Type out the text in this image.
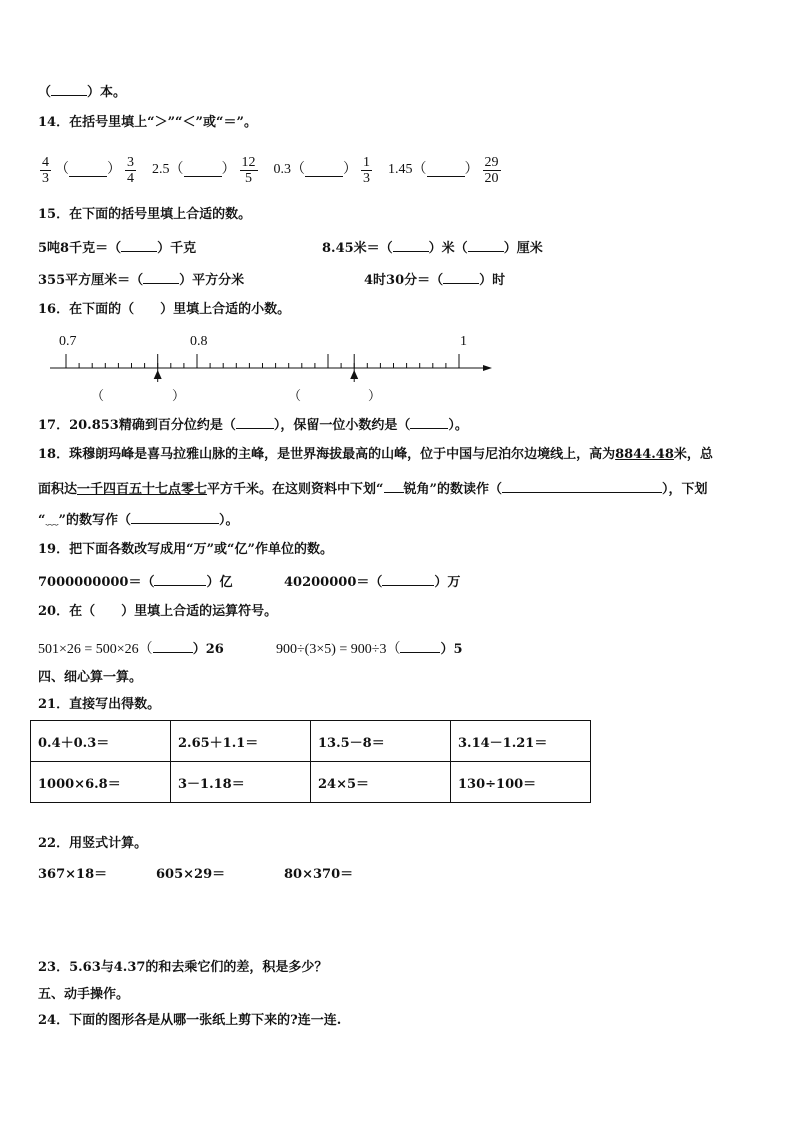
（	）本。
14．在括号里填上“＞”“＜”或“＝”。
$\frac{4}{3}$ （	） $\frac{3}{4} 2.5$ （	） $\frac{12}{5} 0.3$ （	） $\frac{1}{3} 1.45$ （	） $\frac{29}{20}$
15．在下面的括号里填上合适的数。
5吨8千克＝（	）千克	8.45米＝（	）米（	）厘米
355平方厘米＝（	）平方分米	4时30分＝（	）时
16．在下面的（　　）里填上合适的小数。
0.7	0.8	1
（	）	（	）
17．20.853精确到百分位约是（	），保留一位小数约是（	）。
18．珠穆朗玛峰是喜马拉雅山脉的主峰，是世界海拔最高的山峰，位于中国与尼泊尔边境线上，高为8844.48米，总
面积达一千四百五十七点零七平方千米。在这则资料中下划“ 锐角”的数读作（	），下划
“﹏”的数写作（	）。
19．把下面各数改写成用“万”或“亿”作单位的数。
7000000000＝（	）亿	40200000＝（	）万
20．在（　　）里填上合适的运算符号。
501×26 = 500×26（	）26	900÷(3×5) = 900÷3（	）5
四、细心算一算。
21．直接写出得数。
0.4＋0.3＝	2.65＋1.1＝	13.5－8＝	3.14－1.21＝
1000×6.8＝	3－1.18＝	24×5＝	130÷100＝
22．用竖式计算。
367×18＝	605×29＝	80×370＝
23．5.63与4.37的和去乘它们的差，积是多少？
五、动手操作。
24．下面的图形各是从哪一张纸上剪下来的?连一连.
